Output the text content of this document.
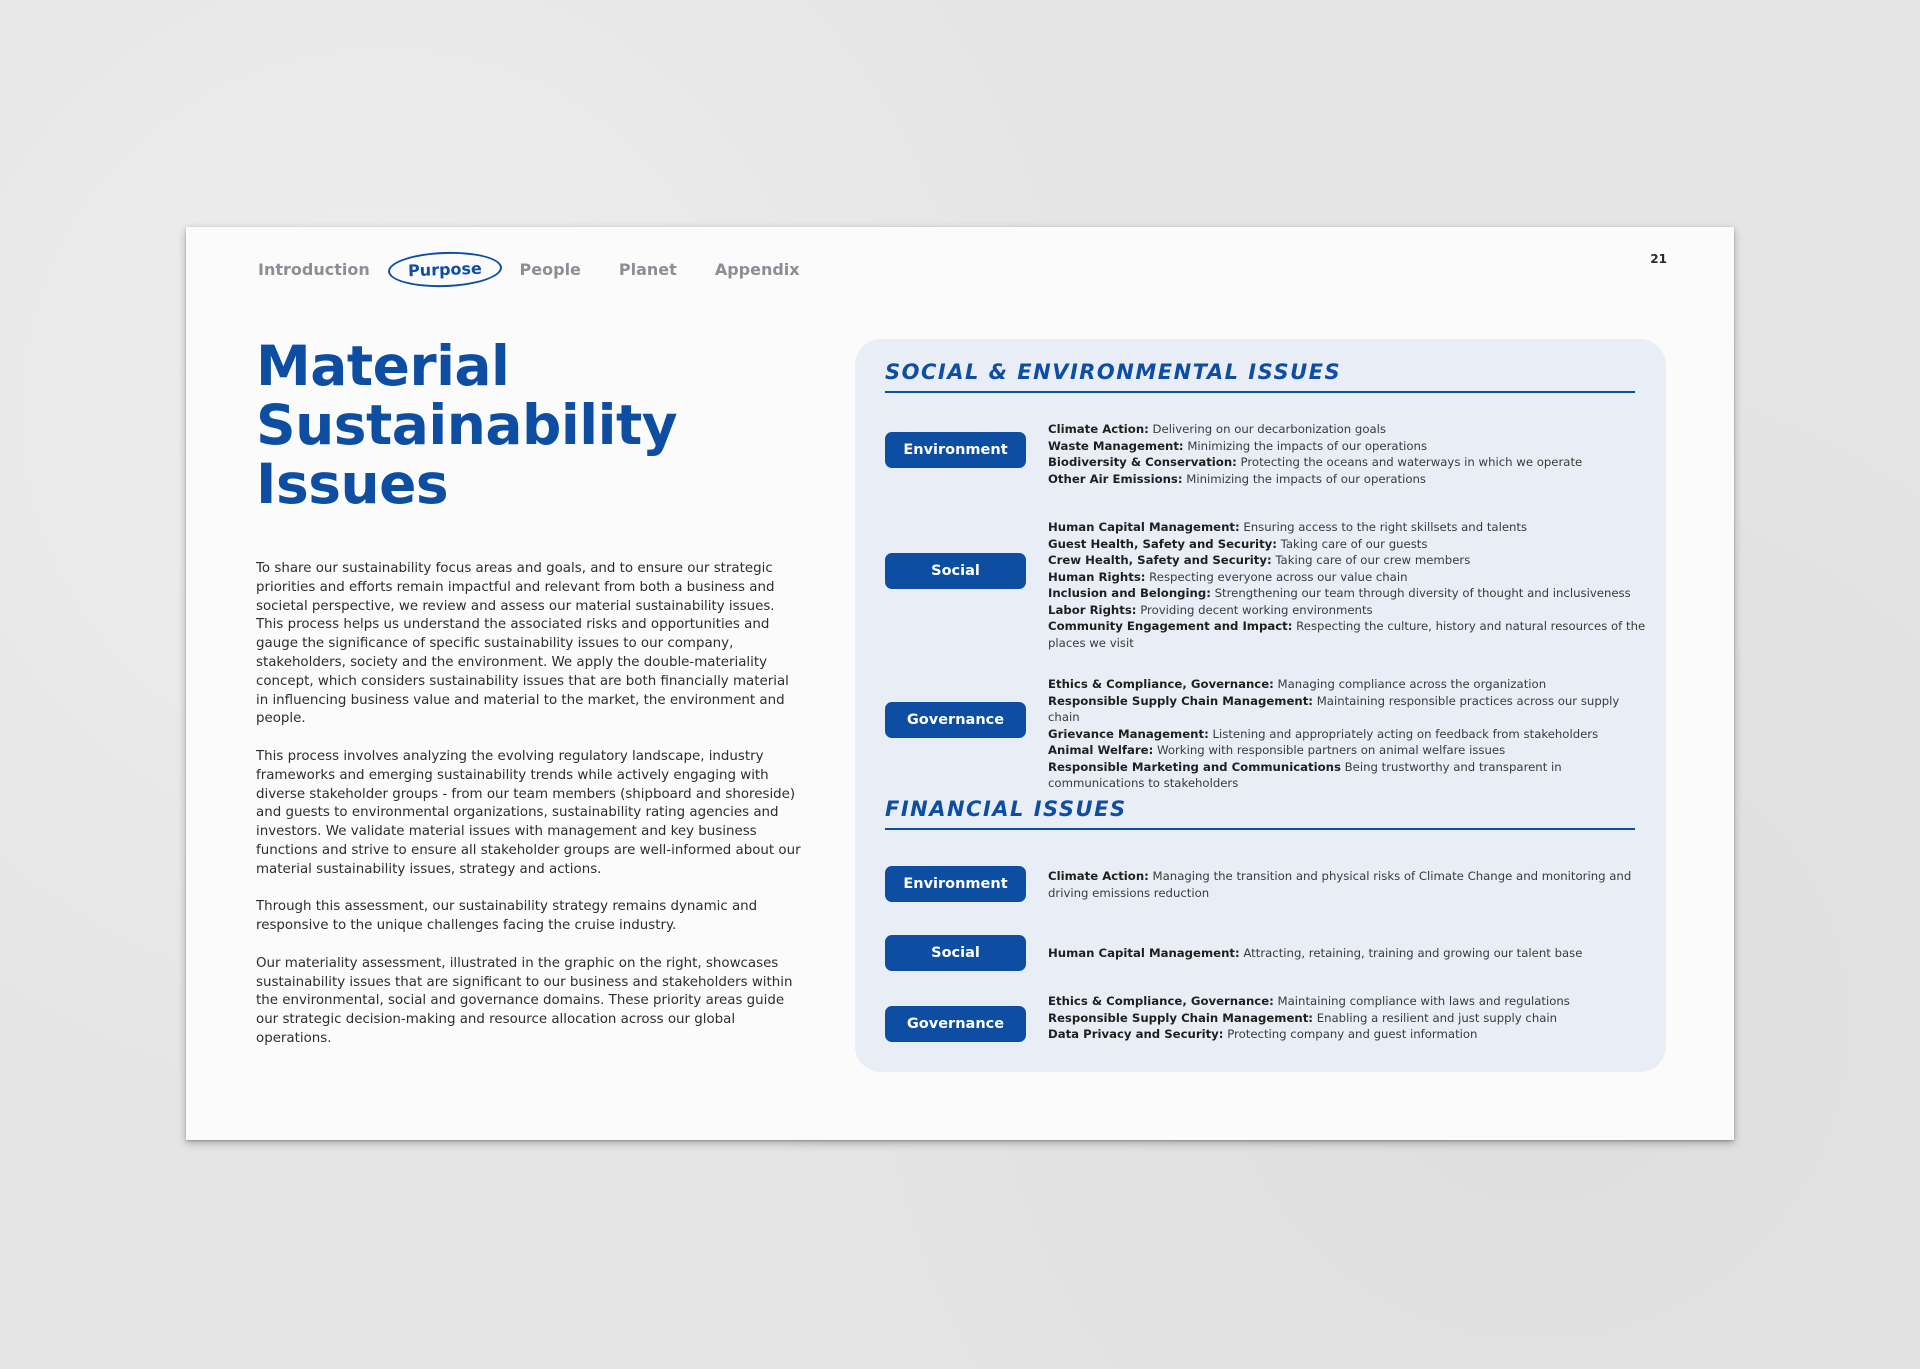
Introduction	Purpose	People Planet Appendix
21
Material
Sustainability
Issues

To share our sustainability focus areas and goals, and to ensure our strategic priorities and efforts remain impactful and relevant from both a business and societal perspective, we review and assess our material sustainability issues. This process helps us understand the associated risks and opportunities and gauge the significance of specific sustainability issues to our company, stakeholders, society and the environment. We apply the double-materiality concept, which considers sustainability issues that are both financially material in influencing business value and material to the market, the environment and people.

This process involves analyzing the evolving regulatory landscape, industry frameworks and emerging sustainability trends while actively engaging with diverse stakeholder groups - from our team members (shipboard and shoreside) and guests to environmental organizations, sustainability rating agencies and investors. We validate material issues with management and key business functions and strive to ensure all stakeholder groups are well-informed about our material sustainability issues, strategy and actions.

Through this assessment, our sustainability strategy remains dynamic and responsive to the unique challenges facing the cruise industry.

Our materiality assessment, illustrated in the graphic on the right, showcases sustainability issues that are significant to our business and stakeholders within the environmental, social and governance domains. These priority areas guide our strategic decision-making and resource allocation across our global operations.

SOCIAL & ENVIRONMENTAL ISSUES
Environment
Climate Action: Delivering on our decarbonization goals
Waste Management: Minimizing the impacts of our operations
Biodiversity & Conservation: Protecting the oceans and waterways in which we operate
Other Air Emissions: Minimizing the impacts of our operations
Social
Human Capital Management: Ensuring access to the right skillsets and talents
Guest Health, Safety and Security: Taking care of our guests
Crew Health, Safety and Security: Taking care of our crew members
Human Rights: Respecting everyone across our value chain
Inclusion and Belonging: Strengthening our team through diversity of thought and inclusiveness
Labor Rights: Providing decent working environments
Community Engagement and Impact: Respecting the culture, history and natural resources of the places we visit
Governance
Ethics & Compliance, Governance: Managing compliance across the organization
Responsible Supply Chain Management: Maintaining responsible practices across our supply chain
Grievance Management: Listening and appropriately acting on feedback from stakeholders
Animal Welfare: Working with responsible partners on animal welfare issues
Responsible Marketing and Communications Being trustworthy and transparent in communications to stakeholders
FINANCIAL ISSUES
Environment	Climate Action: Managing the transition and physical risks of Climate Change and monitoring and driving emissions reduction
Social	Human Capital Management: Attracting, retaining, training and growing our talent base
Governance
Ethics & Compliance, Governance: Maintaining compliance with laws and regulations
Responsible Supply Chain Management: Enabling a resilient and just supply chain
Data Privacy and Security: Protecting company and guest information
